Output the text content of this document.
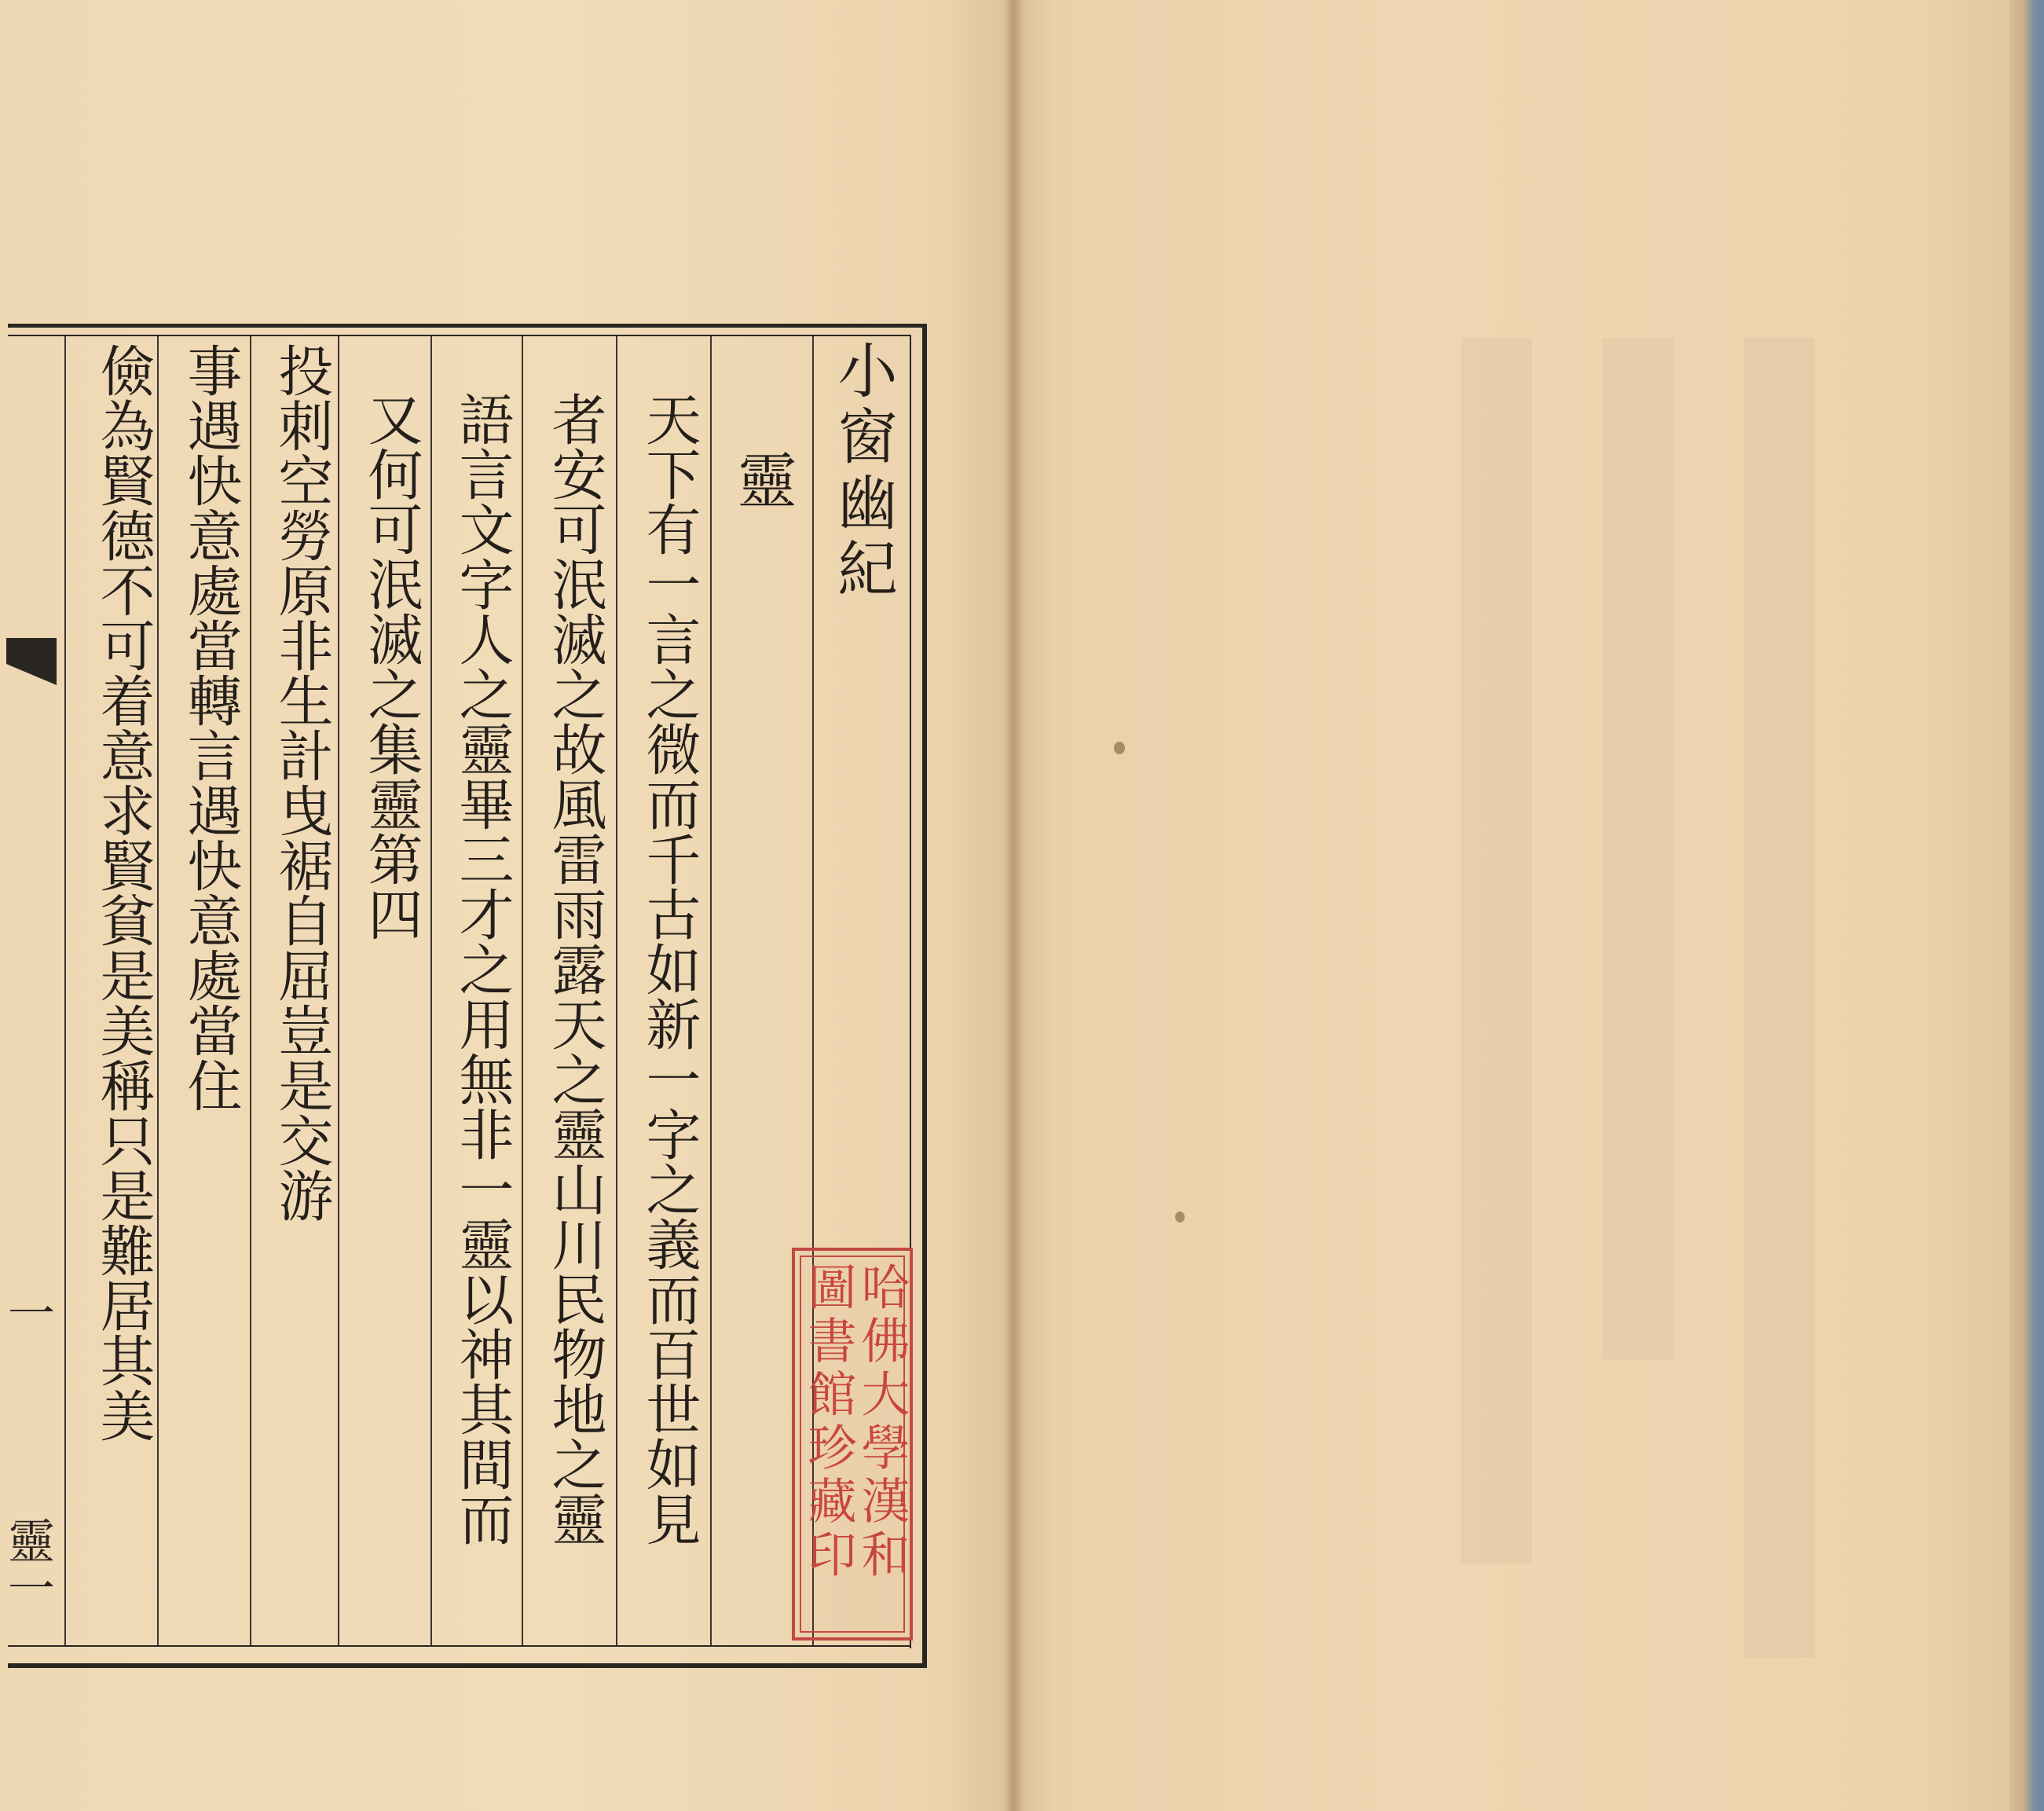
小窗幽紀
靈
天下有一言之微而千古如新一字之義而百世如見
者安可泯滅之故風雷雨露天之靈山川民物地之靈
語言文字人之靈畢三才之用無非一靈以神其間而
又何可泯滅之集靈第四
投刺空勞原非生計曳裾自屈豈是交游
事遇快意處當轉言遇快意處當住
儉為賢德不可着意求賢貧是美稱只是難居其美
一
靈一	哈佛大學漢和
圖書館珍藏印
